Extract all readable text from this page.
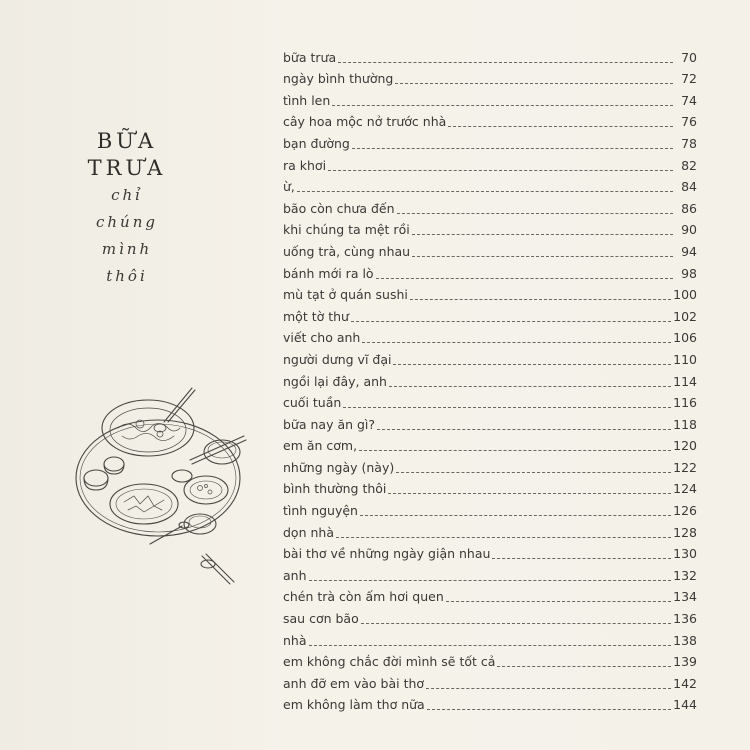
BỮA
TRƯA
chỉ
chúng
mình
thôi
bữa trưa	70
ngày bình thường	72
tình len	74
cây hoa mộc nở trước nhà	76
bạn đường	78
ra khơi	82
ừ,	84
bão còn chưa đến	86
khi chúng ta mệt rồi	90
uống trà, cùng nhau	94
bánh mới ra lò	98
mù tạt ở quán sushi	100
một tờ thư	102
viết cho anh	106
người dưng vĩ đại	110
ngồi lại đây, anh	114
cuối tuần	116
bữa nay ăn gì?	118
em ăn cơm,	120
những ngày (này)	122
bình thường thôi	124
tình nguyện	126
dọn nhà	128
bài thơ về những ngày giận nhau	130
anh	132
chén trà còn ấm hơi quen	134
sau cơn bão	136
nhà	138
em không chắc đời mình sẽ tốt cả	139
anh đỡ em vào bài thơ	142
em không làm thơ nữa	144
